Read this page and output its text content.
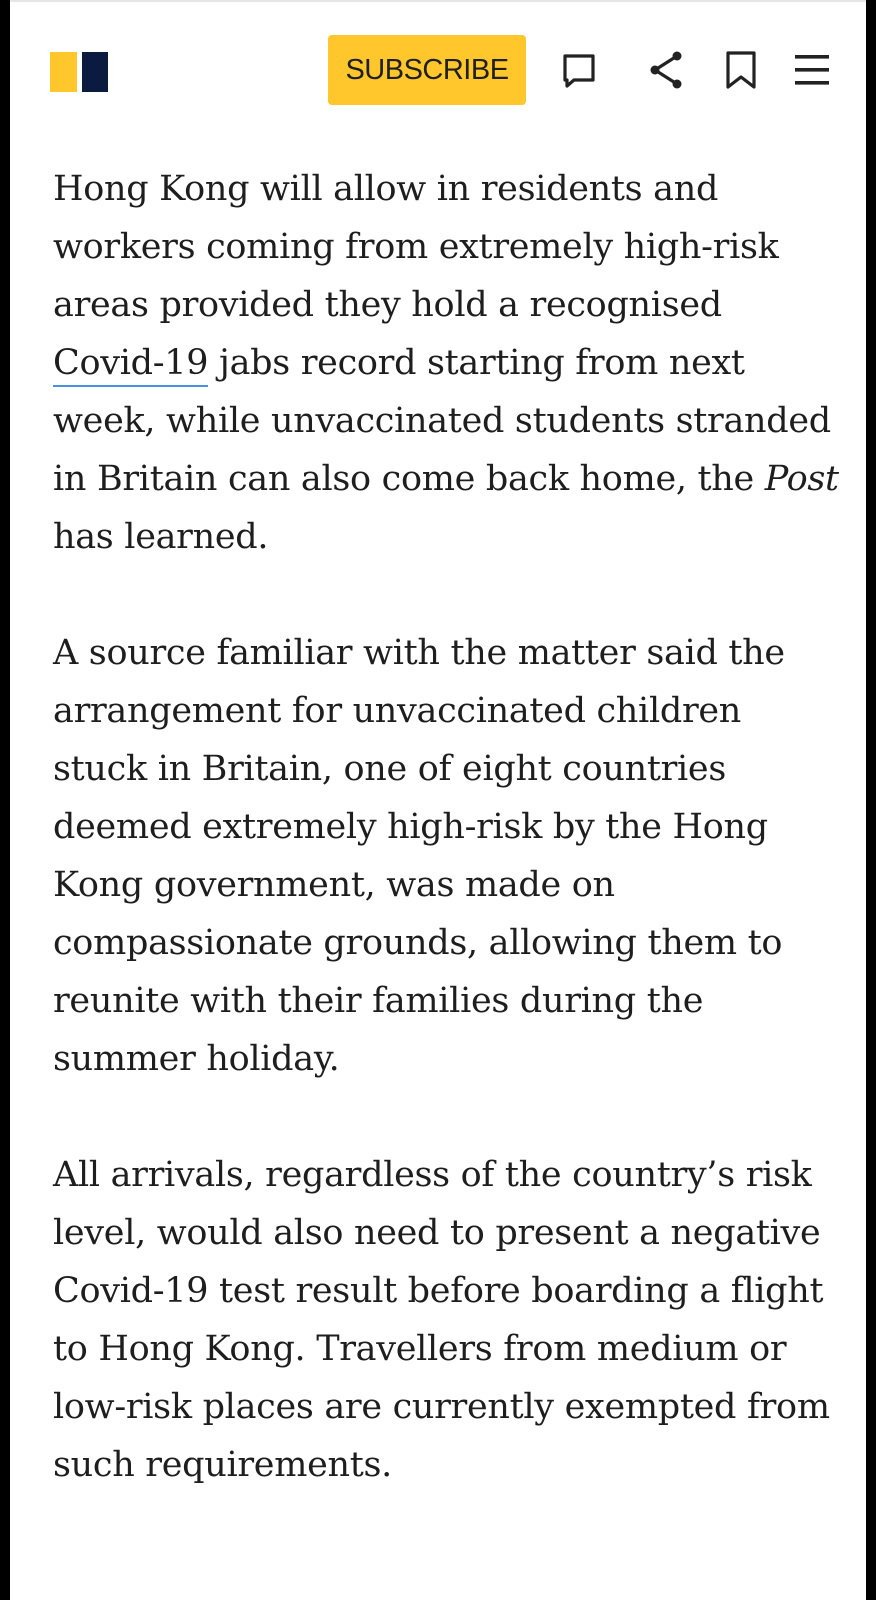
SUBSCRIBE

Hong Kong will allow in residents and workers coming from extremely high-risk areas provided they hold a recognised Covid-19 jabs record starting from next week, while unvaccinated students stranded in Britain can also come back home, the Post has learned.

A source familiar with the matter said the arrangement for unvaccinated children stuck in Britain, one of eight countries deemed extremely high-risk by the Hong Kong government, was made on compassionate grounds, allowing them to reunite with their families during the summer holiday.

All arrivals, regardless of the country’s risk level, would also need to present a negative Covid-19 test result before boarding a flight to Hong Kong. Travellers from medium or low-risk places are currently exempted from such requirements.
